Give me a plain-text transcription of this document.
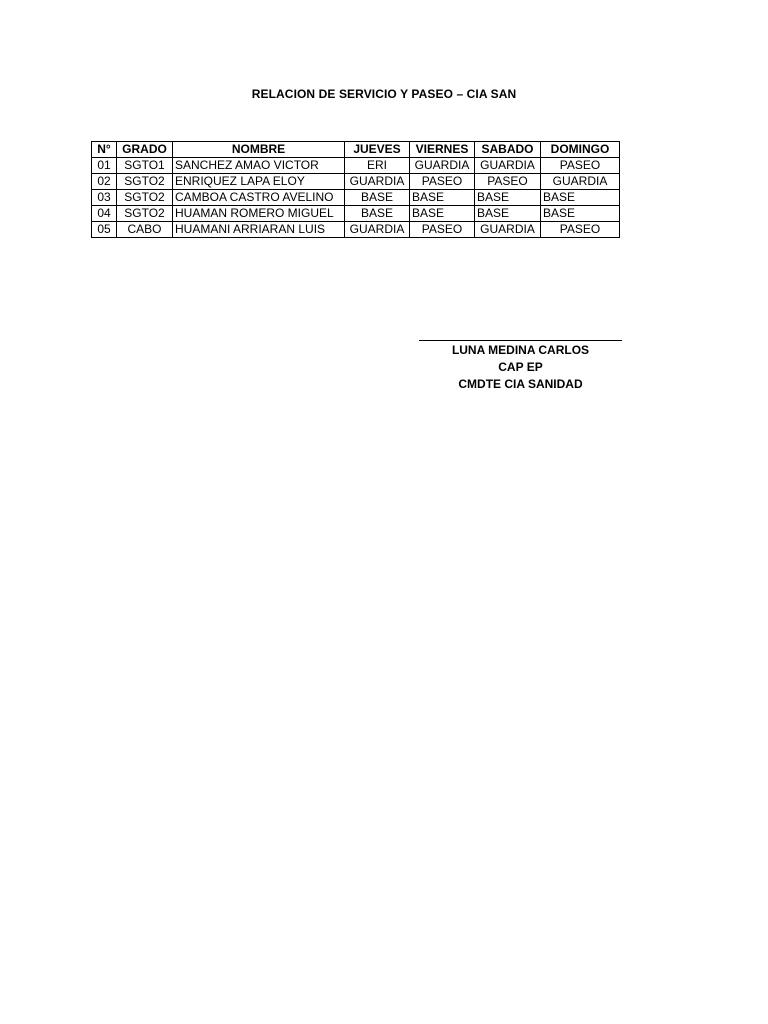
RELACION DE SERVICIO Y PASEO – CIA SAN
N°	GRADO	NOMBRE	JUEVES	VIERNES	SABADO	DOMINGO
01	SGTO1	SANCHEZ AMAO VICTOR	ERI	GUARDIA	GUARDIA	PASEO
02	SGTO2	ENRIQUEZ LAPA ELOY	GUARDIA	PASEO	PASEO	GUARDIA
03	SGTO2	CAMBOA CASTRO AVELINO	BASE	BASE	BASE	BASE
04	SGTO2	HUAMAN ROMERO MIGUEL	BASE	BASE	BASE	BASE
05	CABO	HUAMANI ARRIARAN LUIS	GUARDIA	PASEO	GUARDIA	PASEO
LUNA MEDINA CARLOS
CAP EP
CMDTE CIA SANIDAD
